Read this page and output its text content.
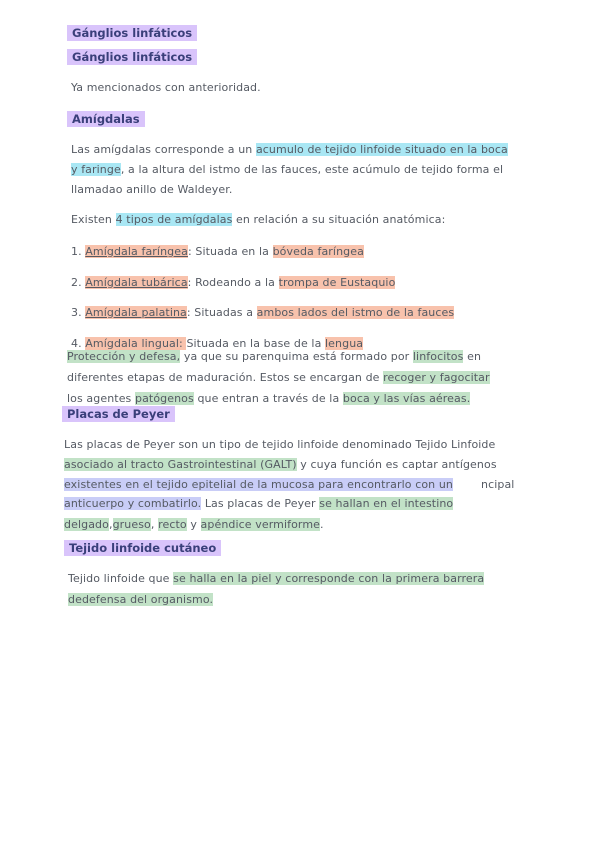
Gánglios linfáticos
Gánglios linfáticos
Ya mencionados con anterioridad.
Amígdalas
Las amígdalas corresponde a un acumulo de tejido linfoide situado en la boca
y faringe, a la altura del istmo de las fauces, este acúmulo de tejido forma el
llamadao anillo de Waldeyer.
Existen 4 tipos de amígdalas en relación a su situación anatómica:
1. Amígdala faríngea: Situada en la bóveda faríngea
2. Amígdala tubárica: Rodeando a la trompa de Eustaquio
3. Amígdala palatina: Situadas a ambos lados del istmo de la fauces
4. Amígdala lingual: Situada en la base de la lengua
Protección y defesa, ya que su parenquima está formado por linfocitos en
diferentes etapas de maduración. Estos se encargan de recoger y fagocitar
los agentes patógenos que entran a través de la boca y las vías aéreas.
Placas de Peyer
Las placas de Peyer son un tipo de tejido linfoide denominado Tejido Linfoide
asociado al tracto Gastrointestinal (GALT) y cuya función es captar antígenos
existentes en el tejido epitelial de la mucosa para encontrarlo con un	ncipal
anticuerpo y combatirlo. Las placas de Peyer se hallan en el intestino
delgado,grueso, recto y apéndice vermiforme.
Tejido linfoide cutáneo
Tejido linfoide que se halla en la piel y corresponde con la primera barrera
dedefensa del organismo.
